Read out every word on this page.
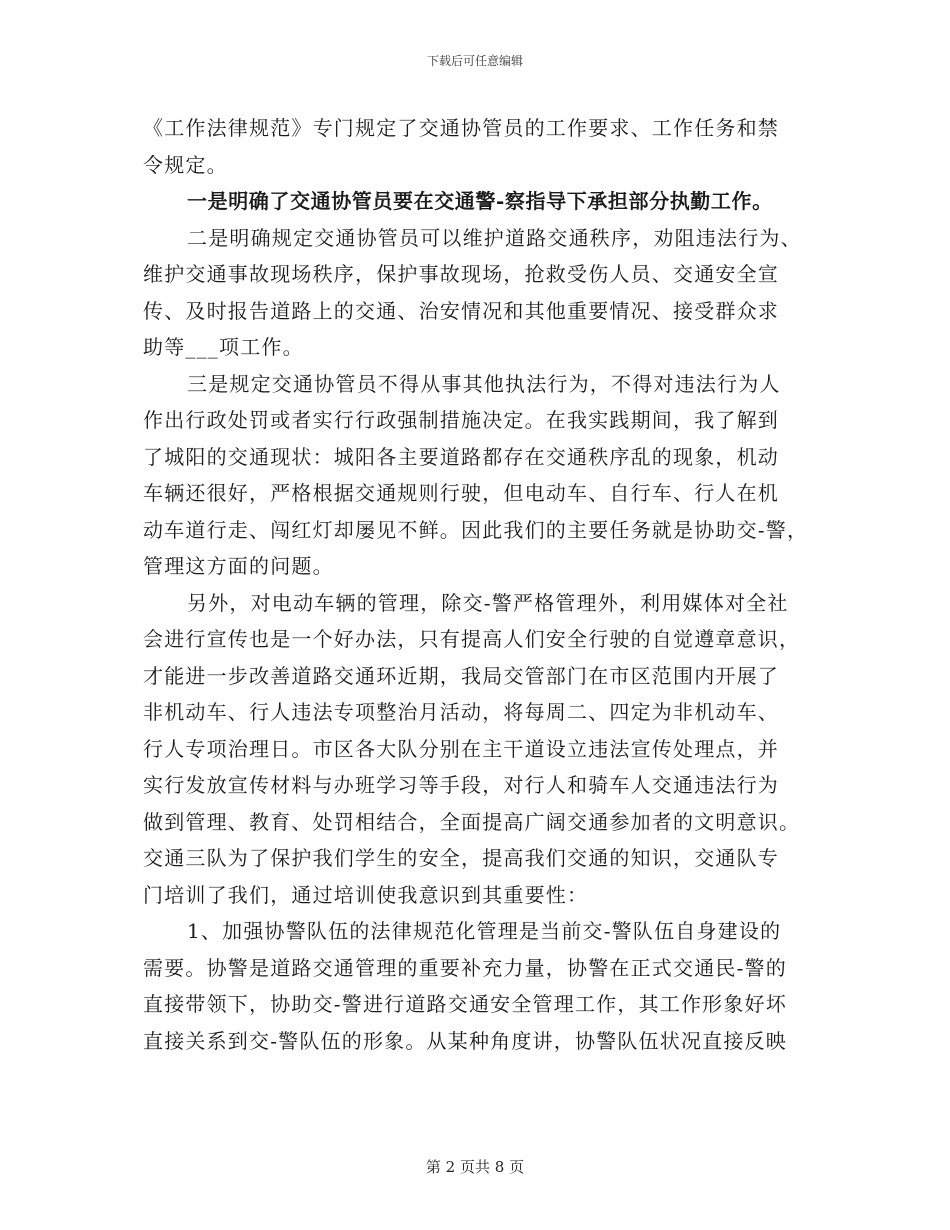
下载后可任意编辑
《工作法律规范》专门规定了交通协管员的工作要求、工作任务和禁
令规定。
一是明确了交通协管员要在交通警-察指导下承担部分执勤工作。
二是明确规定交通协管员可以维护道路交通秩序，劝阻违法行为、
维护交通事故现场秩序，保护事故现场，抢救受伤人员、交通安全宣
传、及时报告道路上的交通、治安情况和其他重要情况、接受群众求
助等___项工作。
三是规定交通协管员不得从事其他执法行为，不得对违法行为人
作出行政处罚或者实行行政强制措施决定。在我实践期间，我了解到
了城阳的交通现状：城阳各主要道路都存在交通秩序乱的现象，机动
车辆还很好，严格根据交通规则行驶，但电动车、自行车、行人在机
动车道行走、闯红灯却屡见不鲜。因此我们的主要任务就是协助交-警，
管理这方面的问题。
另外，对电动车辆的管理，除交-警严格管理外，利用媒体对全社
会进行宣传也是一个好办法，只有提高人们安全行驶的自觉遵章意识，
才能进一步改善道路交通环近期，我局交管部门在市区范围内开展了
非机动车、行人违法专项整治月活动，将每周二、四定为非机动车、
行人专项治理日。市区各大队分别在主干道设立违法宣传处理点，并
实行发放宣传材料与办班学习等手段，对行人和骑车人交通违法行为
做到管理、教育、处罚相结合，全面提高广阔交通参加者的文明意识。
交通三队为了保护我们学生的安全，提高我们交通的知识，交通队专
门培训了我们，通过培训使我意识到其重要性：
1、加强协警队伍的法律规范化管理是当前交-警队伍自身建设的
需要。协警是道路交通管理的重要补充力量，协警在正式交通民-警的
直接带领下，协助交-警进行道路交通安全管理工作，其工作形象好坏
直接关系到交-警队伍的形象。从某种角度讲，协警队伍状况直接反映
第 2 页共 8 页
